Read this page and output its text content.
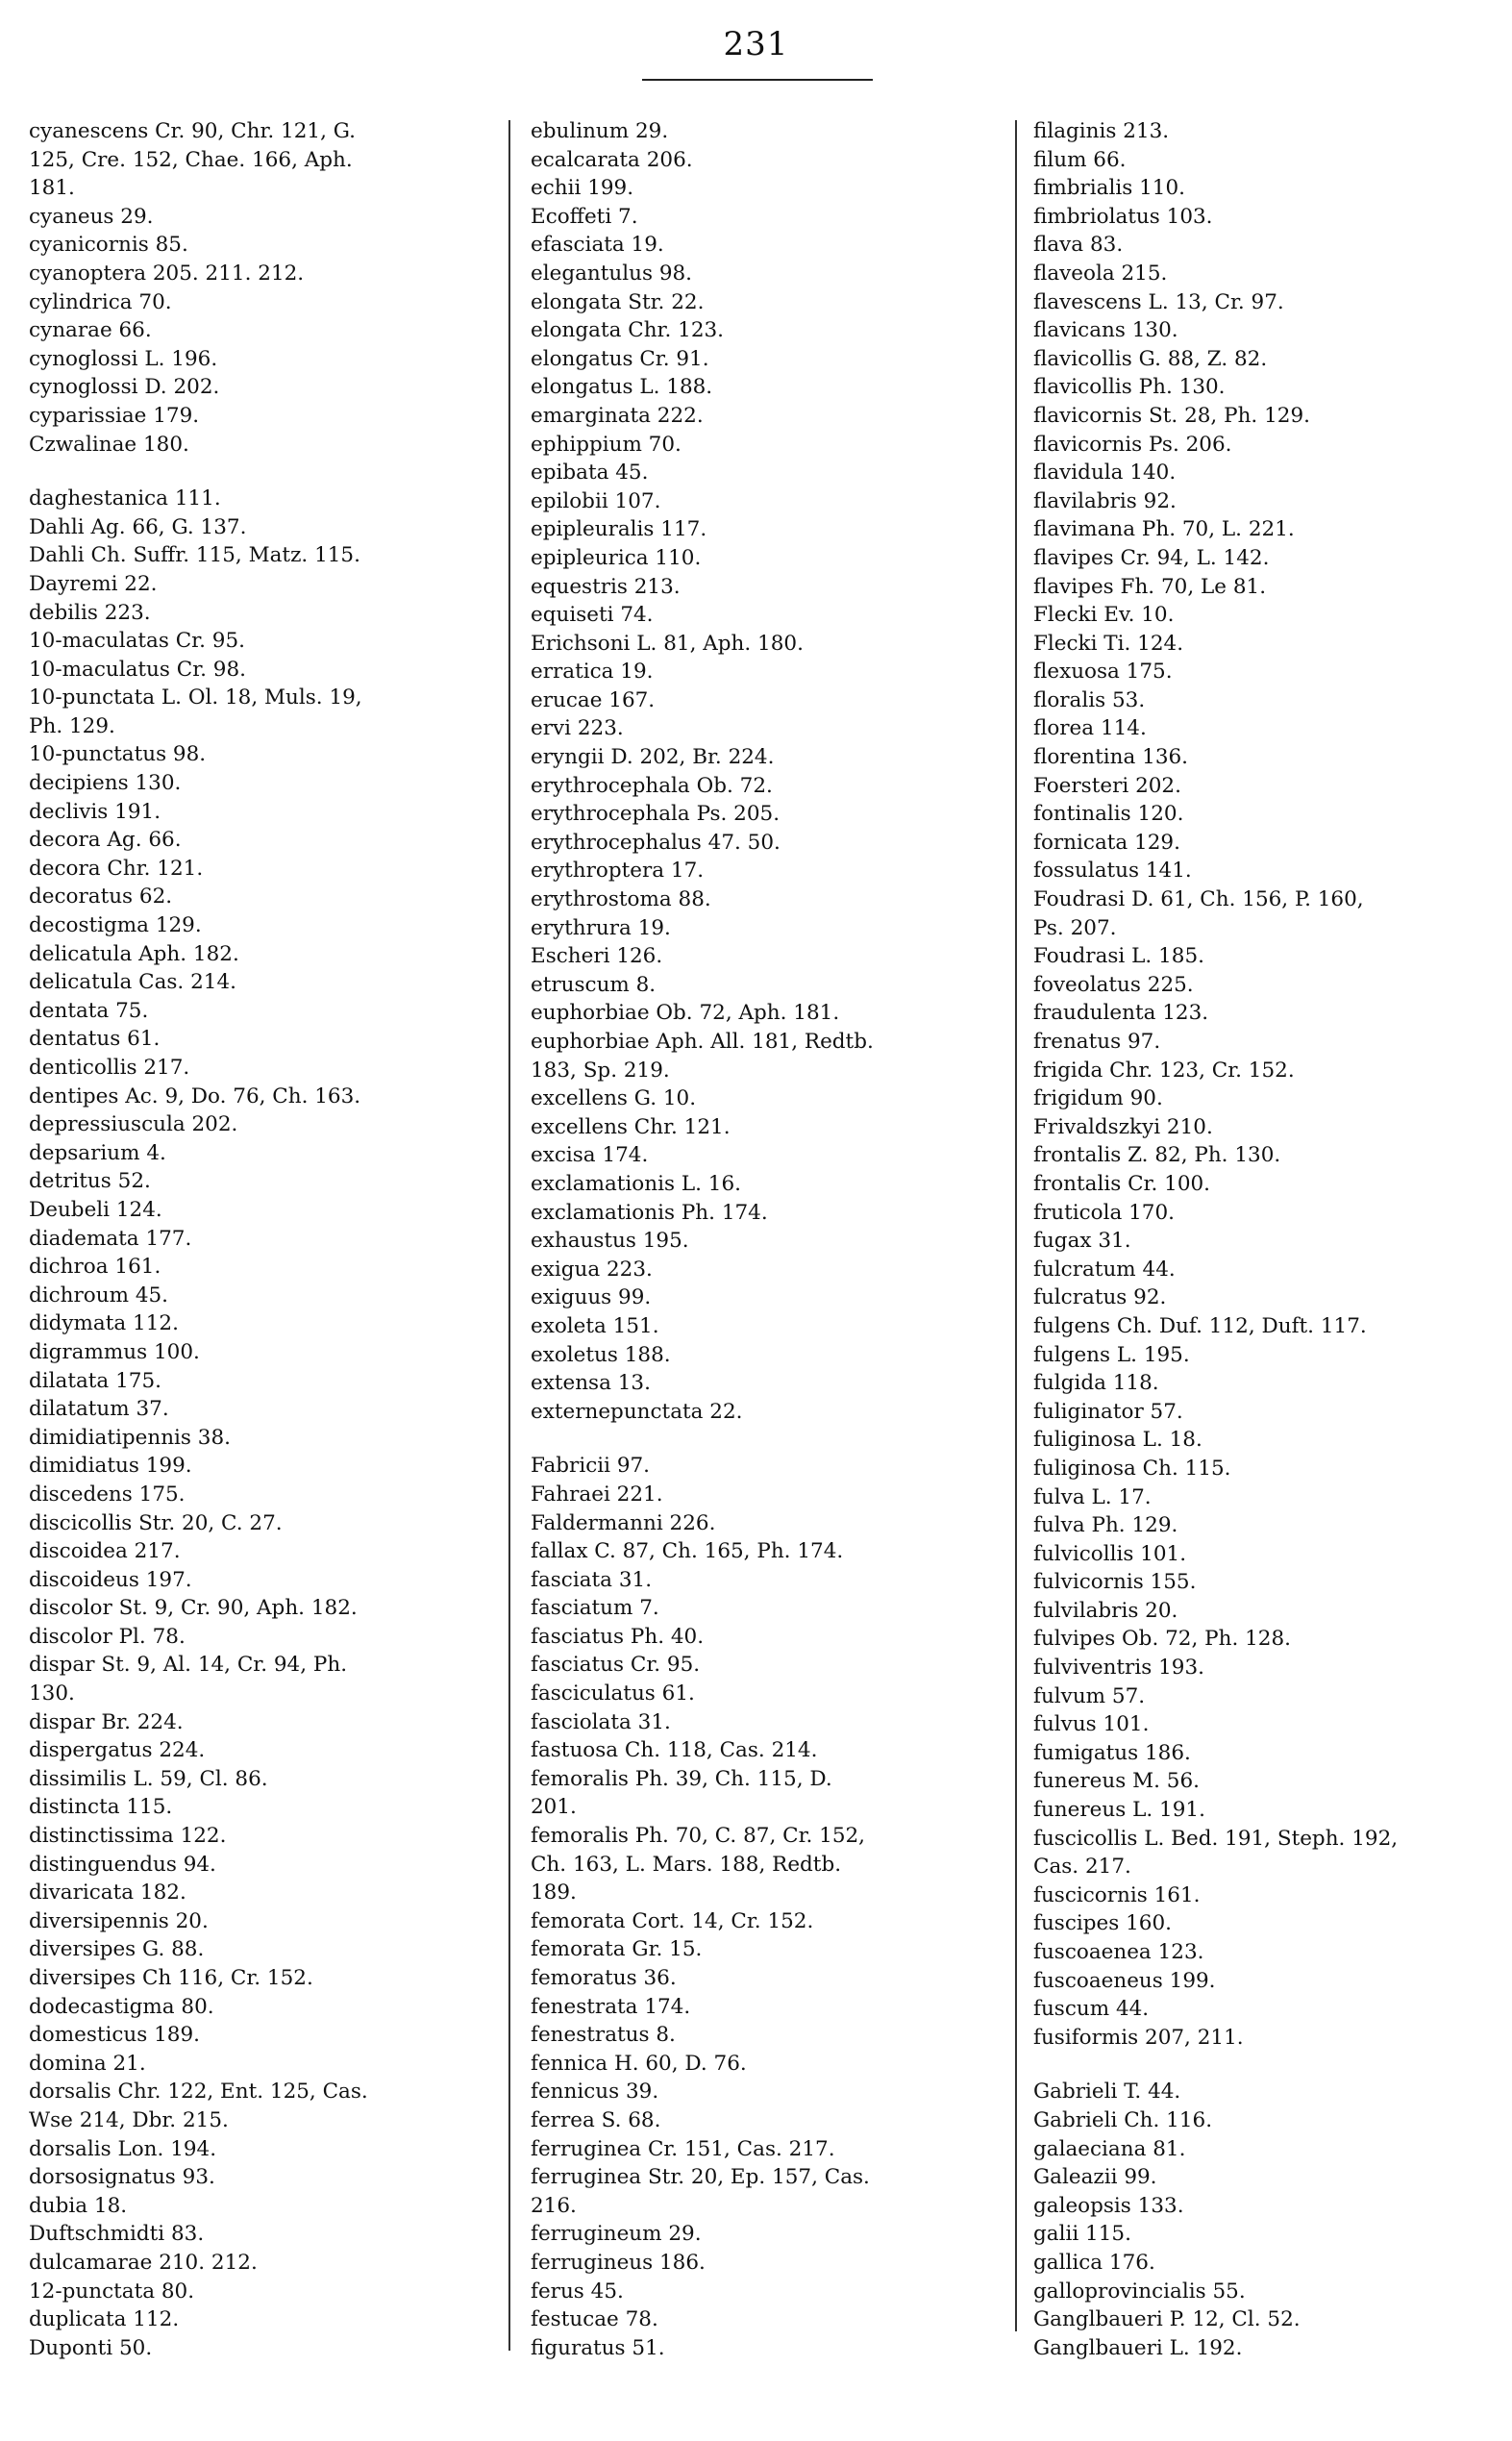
231
cyanescens Cr. 90, Chr. 121, G.
125, Cre. 152, Chae. 166, Aph.
181.
cyaneus 29.
cyanicornis 85.
cyanoptera 205. 211. 212.
cylindrica 70.
cynarae 66.
cynoglossi L. 196.
cynoglossi D. 202.
cyparissiae 179.
Czwalinae 180.
daghestanica 111.
Dahli Ag. 66, G. 137.
Dahli Ch. Suffr. 115, Matz. 115.
Dayremi 22.
debilis 223.
10-maculatas Cr. 95.
10-maculatus Cr. 98.
10-punctata L. Ol. 18, Muls. 19,
Ph. 129.
10-punctatus 98.
decipiens 130.
declivis 191.
decora Ag. 66.
decora Chr. 121.
decoratus 62.
decostigma 129.
delicatula Aph. 182.
delicatula Cas. 214.
dentata 75.
dentatus 61.
denticollis 217.
dentipes Ac. 9, Do. 76, Ch. 163.
depressiuscula 202.
depsarium 4.
detritus 52.
Deubeli 124.
diademata 177.
dichroa 161.
dichroum 45.
didymata 112.
digrammus 100.
dilatata 175.
dilatatum 37.
dimidiatipennis 38.
dimidiatus 199.
discedens 175.
discicollis Str. 20, C. 27.
discoidea 217.
discoideus 197.
discolor St. 9, Cr. 90, Aph. 182.
discolor Pl. 78.
dispar St. 9, Al. 14, Cr. 94, Ph.
130.
dispar Br. 224.
dispergatus 224.
dissimilis L. 59, Cl. 86.
distincta 115.
distinctissima 122.
distinguendus 94.
divaricata 182.
diversipennis 20.
diversipes G. 88.
diversipes Ch 116, Cr. 152.
dodecastigma 80.
domesticus 189.
domina 21.
dorsalis Chr. 122, Ent. 125, Cas.
Wse 214, Dbr. 215.
dorsalis Lon. 194.
dorsosignatus 93.
dubia 18.
Duftschmidti 83.
dulcamarae 210. 212.
12-punctata 80.
duplicata 112.
Duponti 50.
ebulinum 29.
ecalcarata 206.
echii 199.
Ecoffeti 7.
efasciata 19.
elegantulus 98.
elongata Str. 22.
elongata Chr. 123.
elongatus Cr. 91.
elongatus L. 188.
emarginata 222.
ephippium 70.
epibata 45.
epilobii 107.
epipleuralis 117.
epipleurica 110.
equestris 213.
equiseti 74.
Erichsoni L. 81, Aph. 180.
erratica 19.
erucae 167.
ervi 223.
eryngii D. 202, Br. 224.
erythrocephala Ob. 72.
erythrocephala Ps. 205.
erythrocephalus 47. 50.
erythroptera 17.
erythrostoma 88.
erythrura 19.
Escheri 126.
etruscum 8.
euphorbiae Ob. 72, Aph. 181.
euphorbiae Aph. All. 181, Redtb.
183, Sp. 219.
excellens G. 10.
excellens Chr. 121.
excisa 174.
exclamationis L. 16.
exclamationis Ph. 174.
exhaustus 195.
exigua 223.
exiguus 99.
exoleta 151.
exoletus 188.
extensa 13.
externepunctata 22.
Fabricii 97.
Fahraei 221.
Faldermanni 226.
fallax C. 87, Ch. 165, Ph. 174.
fasciata 31.
fasciatum 7.
fasciatus Ph. 40.
fasciatus Cr. 95.
fasciculatus 61.
fasciolata 31.
fastuosa Ch. 118, Cas. 214.
femoralis Ph. 39, Ch. 115, D.
201.
femoralis Ph. 70, C. 87, Cr. 152,
Ch. 163, L. Mars. 188, Redtb.
189.
femorata Cort. 14, Cr. 152.
femorata Gr. 15.
femoratus 36.
fenestrata 174.
fenestratus 8.
fennica H. 60, D. 76.
fennicus 39.
ferrea S. 68.
ferruginea Cr. 151, Cas. 217.
ferruginea Str. 20, Ep. 157, Cas.
216.
ferrugineum 29.
ferrugineus 186.
ferus 45.
festucae 78.
figuratus 51.
filaginis 213.
filum 66.
fimbrialis 110.
fimbriolatus 103.
flava 83.
flaveola 215.
flavescens L. 13, Cr. 97.
flavicans 130.
flavicollis G. 88, Z. 82.
flavicollis Ph. 130.
flavicornis St. 28, Ph. 129.
flavicornis Ps. 206.
flavidula 140.
flavilabris 92.
flavimana Ph. 70, L. 221.
flavipes Cr. 94, L. 142.
flavipes Fh. 70, Le 81.
Flecki Ev. 10.
Flecki Ti. 124.
flexuosa 175.
floralis 53.
florea 114.
florentina 136.
Foersteri 202.
fontinalis 120.
fornicata 129.
fossulatus 141.
Foudrasi D. 61, Ch. 156, P. 160,
Ps. 207.
Foudrasi L. 185.
foveolatus 225.
fraudulenta 123.
frenatus 97.
frigida Chr. 123, Cr. 152.
frigidum 90.
Frivaldszkyi 210.
frontalis Z. 82, Ph. 130.
frontalis Cr. 100.
fruticola 170.
fugax 31.
fulcratum 44.
fulcratus 92.
fulgens Ch. Duf. 112, Duft. 117.
fulgens L. 195.
fulgida 118.
fuliginator 57.
fuliginosa L. 18.
fuliginosa Ch. 115.
fulva L. 17.
fulva Ph. 129.
fulvicollis 101.
fulvicornis 155.
fulvilabris 20.
fulvipes Ob. 72, Ph. 128.
fulviventris 193.
fulvum 57.
fulvus 101.
fumigatus 186.
funereus M. 56.
funereus L. 191.
fuscicollis L. Bed. 191, Steph. 192,
Cas. 217.
fuscicornis 161.
fuscipes 160.
fuscoaenea 123.
fuscoaeneus 199.
fuscum 44.
fusiformis 207, 211.
Gabrieli T. 44.
Gabrieli Ch. 116.
galaeciana 81.
Galeazii 99.
galeopsis 133.
galii 115.
gallica 176.
galloprovincialis 55.
Ganglbaueri P. 12, Cl. 52.
Ganglbaueri L. 192.
